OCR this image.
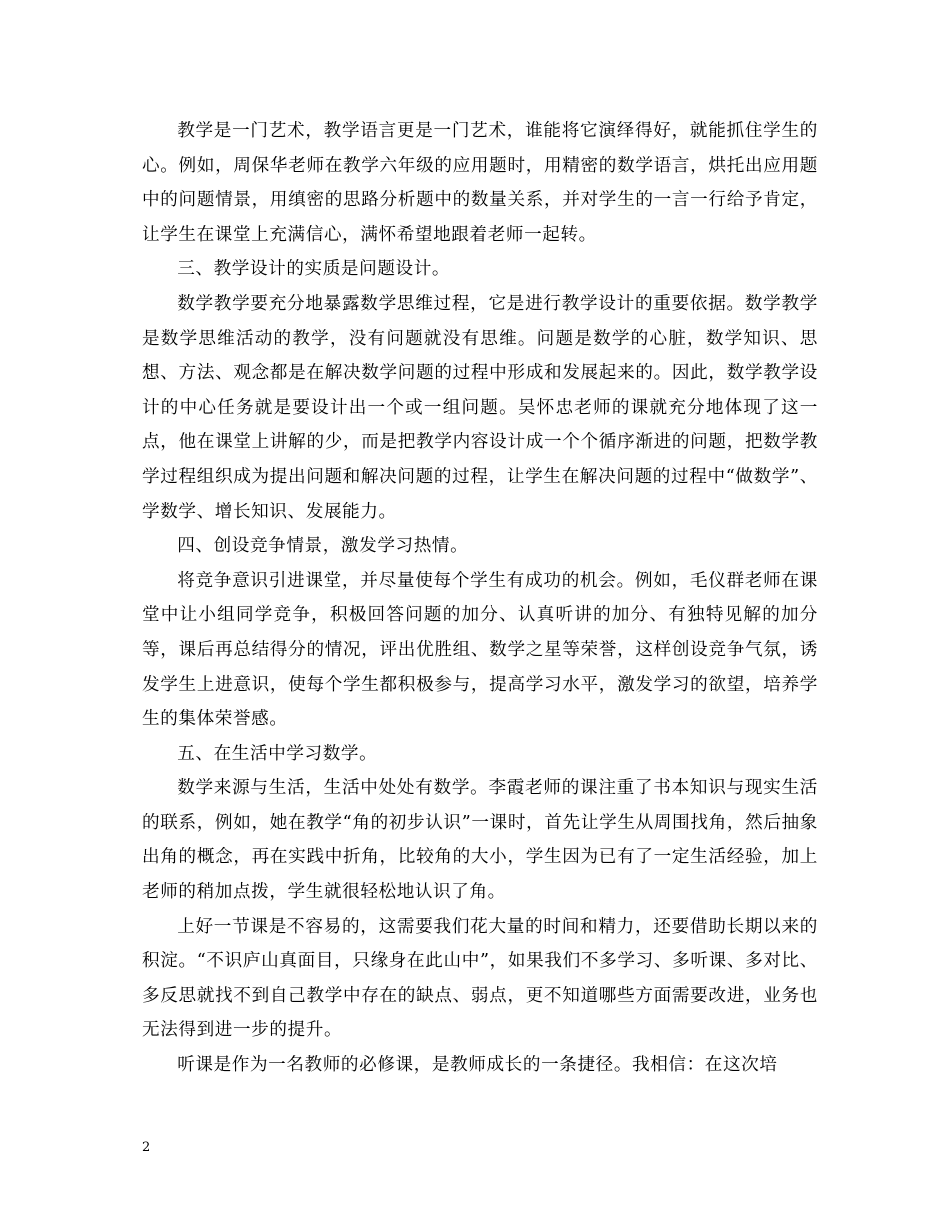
教学是一门艺术，教学语言更是一门艺术，谁能将它演绎得好，就能抓住学生的心。例如，周保华老师在教学六年级的应用题时，用精密的数学语言，烘托出应用题中的问题情景，用缜密的思路分析题中的数量关系，并对学生的一言一行给予肯定，让学生在课堂上充满信心，满怀希望地跟着老师一起转。

三、教学设计的实质是问题设计。

数学教学要充分地暴露数学思维过程，它是进行教学设计的重要依据。数学教学是数学思维活动的教学，没有问题就没有思维。问题是数学的心脏，数学知识、思想、方法、观念都是在解决数学问题的过程中形成和发展起来的。因此，数学教学设计的中心任务就是要设计出一个或一组问题。吴怀忠老师的课就充分地体现了这一点，他在课堂上讲解的少，而是把教学内容设计成一个个循序渐进的问题，把数学教学过程组织成为提出问题和解决问题的过程，让学生在解决问题的过程中“做数学”、学数学、增长知识、发展能力。

四、创设竞争情景，激发学习热情。

将竞争意识引进课堂，并尽量使每个学生有成功的机会。例如，毛仪群老师在课堂中让小组同学竞争，积极回答问题的加分、认真听讲的加分、有独特见解的加分等，课后再总结得分的情况，评出优胜组、数学之星等荣誉，这样创设竞争气氛，诱发学生上进意识，使每个学生都积极参与，提高学习水平，激发学习的欲望，培养学生的集体荣誉感。

五、在生活中学习数学。

数学来源与生活，生活中处处有数学。李霞老师的课注重了书本知识与现实生活的联系，例如，她在教学“角的初步认识”一课时，首先让学生从周围找角，然后抽象出角的概念，再在实践中折角，比较角的大小，学生因为已有了一定生活经验，加上老师的稍加点拨，学生就很轻松地认识了角。

上好一节课是不容易的，这需要我们花大量的时间和精力，还要借助长期以来的积淀。“不识庐山真面目，只缘身在此山中”，如果我们不多学习、多听课、多对比、多反思就找不到自己教学中存在的缺点、弱点，更不知道哪些方面需要改进，业务也无法得到进一步的提升。

听课是作为一名教师的必修课，是教师成长的一条捷径。我相信：在这次培

2
